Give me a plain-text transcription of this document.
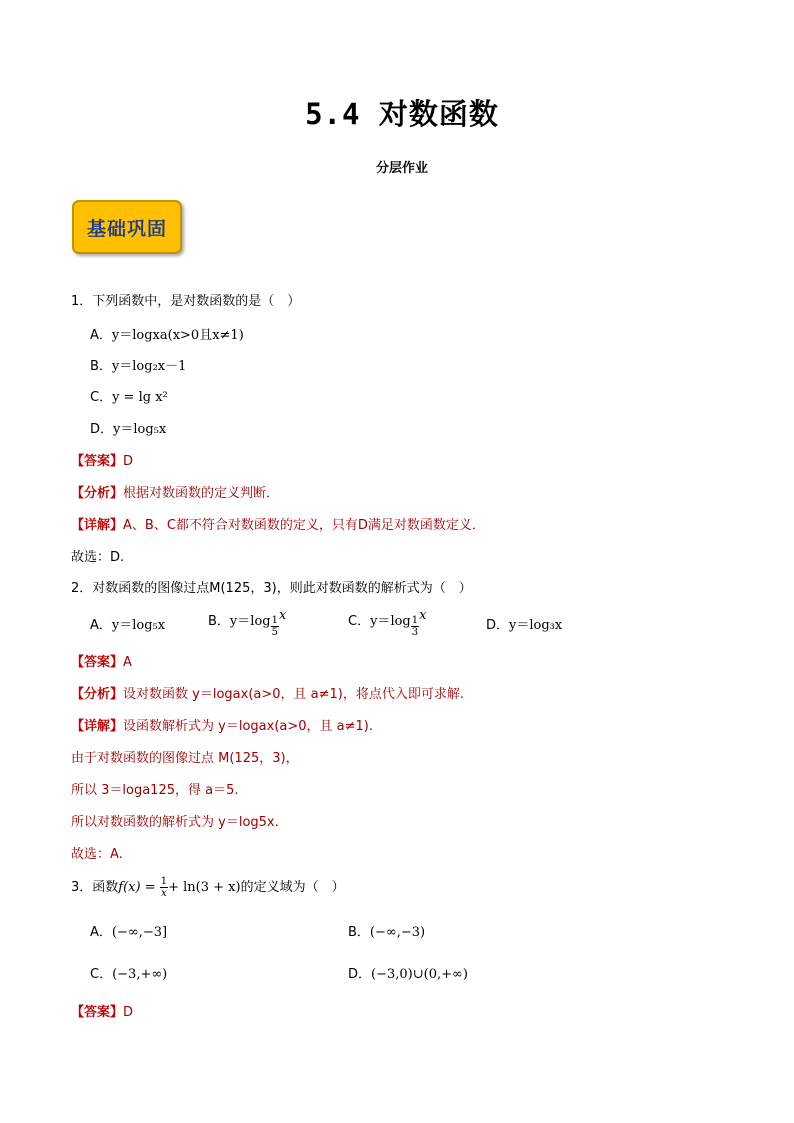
5.4 对数函数
分层作业
基础巩固
1．下列函数中，是对数函数的是（　）
A．y＝logxa(x>0且x≠1)
B．y＝log₂x－1
C．y = lg x²
D．y＝log₅x
【答案】D
【分析】根据对数函数的定义判断．
【详解】A、B、C都不符合对数函数的定义，只有D满足对数函数定义．
故选：D.
2．对数函数的图像过点M(125，3)，则此对数函数的解析式为（　）
A．y＝log₅x	B．$y=\log \frac{1}{5}$ x	C．$y=\log \frac{1}{3}$ x
D．y＝log₃x
【答案】A
【分析】设对数函数 y＝logax(a>0，且 a≠1)，将点代入即可求解.
【详解】设函数解析式为 y＝logax(a>0，且 a≠1).
由于对数函数的图像过点 M(125，3)，
所以 3＝loga125，得 a＝5.
所以对数函数的解析式为 y＝log5x.
故选：A.
3．函数$f(x) = \frac{1}{x} + \ln(3 + x)$的定义域为（　）
A．(−∞,−3]	B．(−∞,−3)
C．(−3,+∞)	D．(−3,0)∪(0,+∞)
【答案】D
